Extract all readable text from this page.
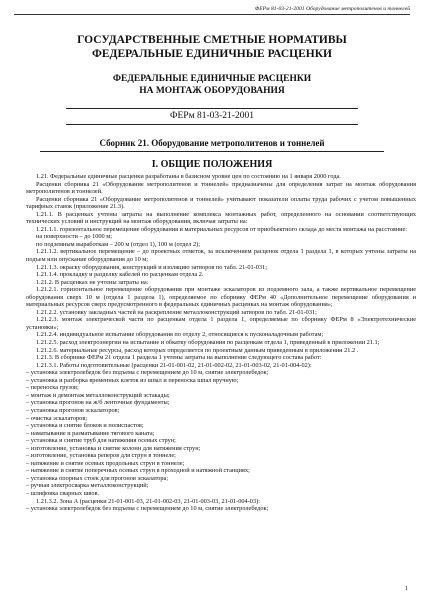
ФЕРм 81-03-21-2001 Оборудование метрополитенов и тоннелей
ГОСУДАРСТВЕННЫЕ СМЕТНЫЕ НОРМАТИВЫ
ФЕДЕРАЛЬНЫЕ ЕДИНИЧНЫЕ РАСЦЕНКИ
ФЕДЕРАЛЬНЫЕ ЕДИНИЧНЫЕ РАСЦЕНКИ
НА МОНТАЖ ОБОРУДОВАНИЯ
ФЕРм 81-03-21-2001
Сборник 21. Оборудование метрополитенов и тоннелей
I. ОБЩИЕ ПОЛОЖЕНИЯ

1.21. Федеральные единичные расценки разработаны в базисном уровне цен по состоянию на 1 января 2000 года.

Расценки сборника 21 «Оборудование метрополитенов и тоннелей» предназначены для определения затрат на монтаж оборудования метрополитенов и тоннелей.

Расценки сборника 21 «Оборудование метрополитенов и тоннелей» учитывают показатели оплаты труда рабочих с учетом повышенных тарифных ставок (приложение 21.3).

1.21.1. В расценках учтены затраты на выполнение комплекса монтажных работ, определенного на основании соответствующих технических условий и инструкций на монтаж оборудования, включая затраты на:

1.21.1.1. горизонтальное перемещение оборудования и материальных ресурсов от приобъектного склада до места монтажа на расстояние:

на поверхности – до 1000 м;

по подземным выработкам – 200 м (отдел 1), 100 м (отдел 2);

1.21.1.2. вертикальное перемещение – до проектных отметок, за исключением расценок отдела 1 раздела 1, в которых учтены затраты на подъем или опускание оборудования до 10 м;

1.21.1.3. окраску оборудования, конструкций и изоляцию затворов по табл. 21-01-031;

1.21.1.4. прокладку и разделку кабелей по расценкам отдела 2.

1.21.2. В расценках не учтены затраты на:

1.21.2.1. горизонтальное перемещение оборудования при монтаже эскалаторов из подземного зала, а также вертикальное перемещение оборудования сверх 10 м (отдела 1 раздела 1), определяемое по сборнику ФЕРм 40 «Дополнительное перемещение оборудования и материальных ресурсов сверх предусмотренного в федеральных единичных расценках на монтаж оборудования»;

1.21.2.2. установку закладных частей на раскрепление металлоконструкций затворов по табл. 21-01-031;

1.21.2.3. монтаж электрической части по расценкам отдела 1 раздела 1, определяемые по сборнику ФЕРм 8 «Электротехнические установки»;

1.21.2.4. индивидуальное испытание оборудования по отделу 2, относящиеся к пусконаладочным работам;

1.21.2.5. расход электроэнергии на испытание и обкатку оборудования по расценкам отдела 1, приведенный в приложении 21.1;

1.21.2.6. материальные ресурсы, расход которых определяется по проектным данным приведенным в приложении 21.2 .

1.21.3. В сборнике ФЕРм 21 отдела 1 раздела 1 учтены затраты на выполнение следующего состава работ:

1.21.3.1. Работы подготовительные (расценки 21-01-001-02, 21-01-002-02, 21-01-003-02, 21-01-004-02):

– установка электролебедок без подъема с перемещением до 10 м, снятие электролебедок;

– установка и разборка временных клеток из шпал и переноска шпал вручную;

– переноска грузов;

– монтаж и демонтаж металлоконструкций эстакады;

– установка прогонов на ж/б ленточные фундаменты;

– установка прогонов эскалаторов;

– очистка эскалаторов;

– установка и снятие блоков и полиспастов;

– наматывание и разматывание тягового каната;

– установка и снятие труб для натяжения осевых струн;

– изготовление, установка и снятие колонн для натяжения струн;

– изготовление, установка реперов для струн в тоннеле;

– натяжение и снятие осевых продольных струн в тоннеле;

– натяжение и снятие поперечных осевых струн в проходной и натяжной станциях;

– установка опорных стоек для прогонов эскалатора;

– ручная электросварка металлоконструкций;

– шлифовка сварных швов.

1.21.3.2. Зона А (расценки 21-01-001-03, 21-01-002-03, 21-01-003-03, 21-01-004-03):

– установка электролебедок без подъема с перемещением до 10 м, снятие электролебедок;

1
